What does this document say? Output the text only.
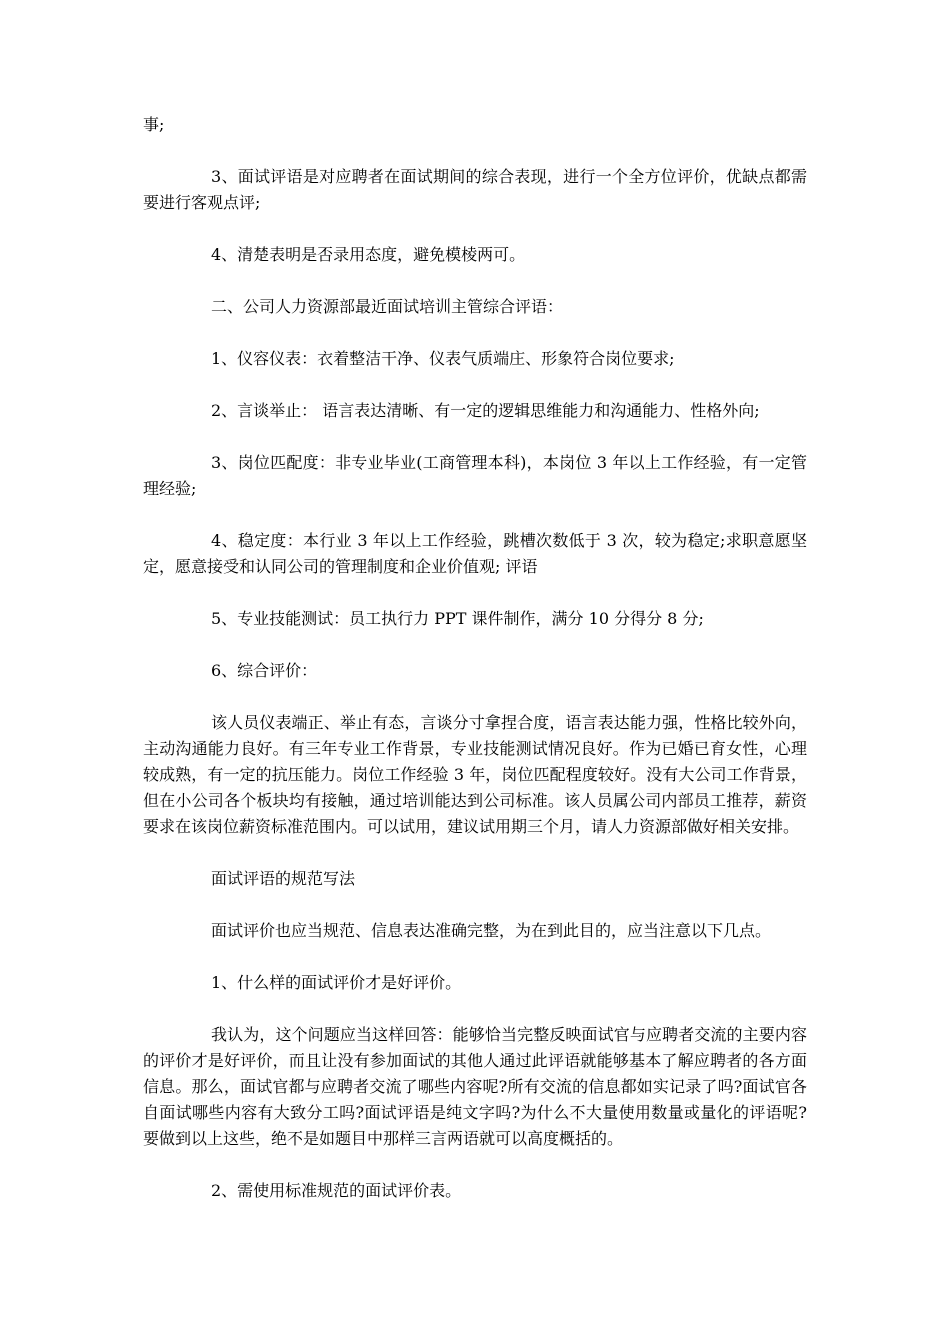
事;

3、面试评语是对应聘者在面试期间的综合表现，进行一个全方位评价，优缺点都需要进行客观点评;

4、清楚表明是否录用态度，避免模棱两可。

二、公司人力资源部最近面试培训主管综合评语：

1、仪容仪表：衣着整洁干净、仪表气质端庄、形象符合岗位要求;

2、言谈举止： 语言表达清晰、有一定的逻辑思维能力和沟通能力、性格外向;

3、岗位匹配度：非专业毕业(工商管理本科)，本岗位 3 年以上工作经验，有一定管理经验;

4、稳定度：本行业 3 年以上工作经验，跳槽次数低于 3 次，较为稳定;求职意愿坚定，愿意接受和认同公司的管理制度和企业价值观; 评语

5、专业技能测试：员工执行力 PPT 课件制作，满分 10 分得分 8 分;

6、综合评价：

该人员仪表端正、举止有态，言谈分寸拿捏合度，语言表达能力强，性格比较外向，主动沟通能力良好。有三年专业工作背景，专业技能测试情况良好。作为已婚已育女性，心理较成熟，有一定的抗压能力。岗位工作经验 3 年，岗位匹配程度较好。没有大公司工作背景，但在小公司各个板块均有接触，通过培训能达到公司标准。该人员属公司内部员工推荐，薪资要求在该岗位薪资标准范围内。可以试用，建议试用期三个月，请人力资源部做好相关安排。

面试评语的规范写法

面试评价也应当规范、信息表达准确完整，为在到此目的，应当注意以下几点。

1、什么样的面试评价才是好评价。

我认为，这个问题应当这样回答：能够恰当完整反映面试官与应聘者交流的主要内容的评价才是好评价，而且让没有参加面试的其他人通过此评语就能够基本了解应聘者的各方面信息。那么，面试官都与应聘者交流了哪些内容呢?所有交流的信息都如实记录了吗?面试官各自面试哪些内容有大致分工吗?面试评语是纯文字吗?为什么不大量使用数量或量化的评语呢?要做到以上这些，绝不是如题目中那样三言两语就可以高度概括的。

2、需使用标准规范的面试评价表。
